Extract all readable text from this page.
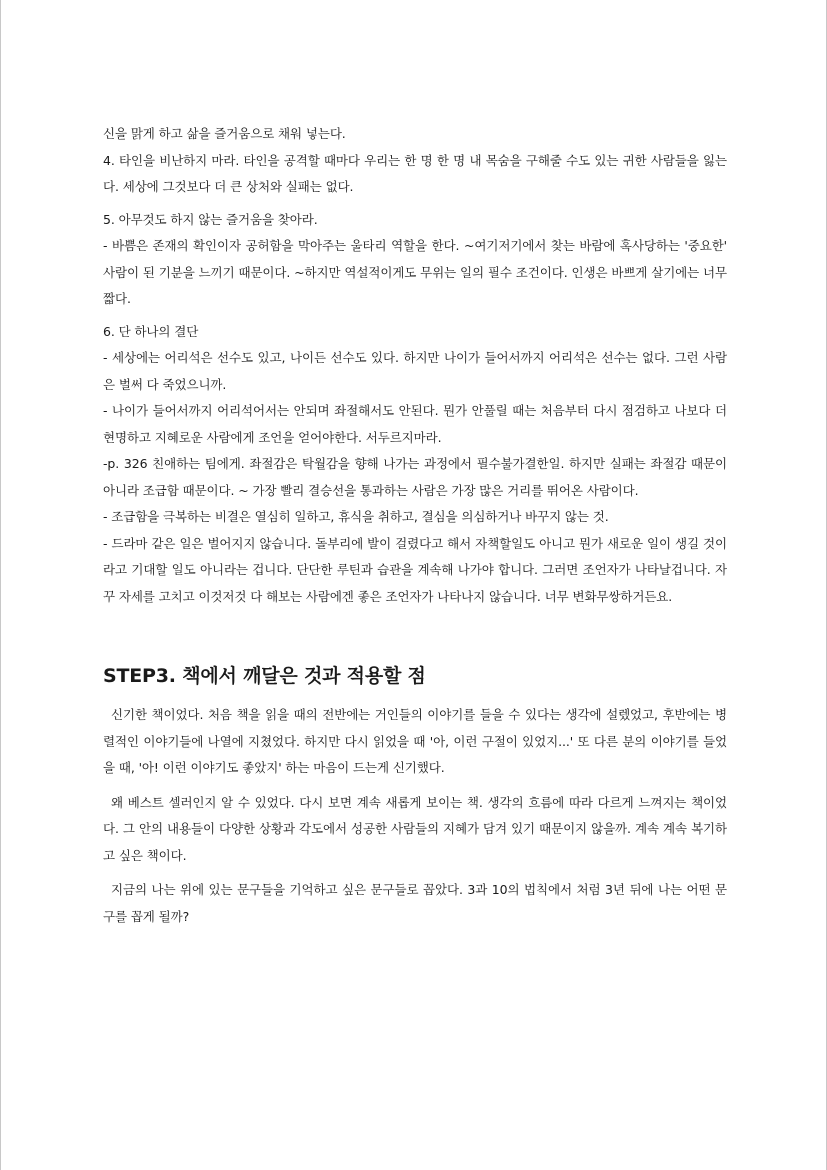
신을 맑게 하고 삶을 즐거움으로 채워 넣는다.

4. 타인을 비난하지 마라. 타인을 공격할 때마다 우리는 한 명 한 명 내 목숨을 구해줄 수도 있는 귀한 사람들을 잃는다. 세상에 그것보다 더 큰 상처와 실패는 없다.

5. 아무것도 하지 않는 즐거움을 찾아라.

- 바쁨은 존재의 확인이자 공허함을 막아주는 울타리 역할을 한다. ~여기저기에서 찾는 바람에 혹사당하는 '중요한' 사람이 된 기분을 느끼기 때문이다. ~하지만 역설적이게도 무위는 일의 필수 조건이다. 인생은 바쁘게 살기에는 너무 짧다.

6. 단 하나의 결단

- 세상에는 어리석은 선수도 있고, 나이든 선수도 있다. 하지만 나이가 들어서까지 어리석은 선수는 없다. 그런 사람은 벌써 다 죽었으니까.

- 나이가 들어서까지 어리석어서는 안되며 좌절해서도 안된다. 뭔가 안풀릴 때는 처음부터 다시 점검하고 나보다 더 현명하고 지혜로운 사람에게 조언을 얻어야한다. 서두르지마라.

-p. 326 친애하는 팀에게. 좌절감은 탁월감을 향해 나가는 과정에서 필수불가결한일. 하지만 실패는 좌절감 때문이 아니라 조급함 때문이다. ~ 가장 빨리 결승선을 통과하는 사람은 가장 많은 거리를 뛰어온 사람이다.

- 조급함을 극복하는 비결은 열심히 일하고, 휴식을 취하고, 결심을 의심하거나 바꾸지 않는 것.

- 드라마 같은 일은 벌어지지 않습니다. 돌부리에 발이 걸렸다고 해서 자책할일도 아니고 뭔가 새로운 일이 생길 것이라고 기대할 일도 아니라는 겁니다. 단단한 루틴과 습관을 계속해 나가야 합니다. 그러면 조언자가 나타날겁니다. 자꾸 자세를 고치고 이것저것 다 해보는 사람에겐 좋은 조언자가 나타나지 않습니다. 너무 변화무쌍하거든요.

STEP3. 책에서 깨달은 것과 적용할 점

신기한 책이었다. 처음 책을 읽을 때의 전반에는 거인들의 이야기를 들을 수 있다는 생각에 설렜었고, 후반에는 병렬적인 이야기들에 나열에 지쳤었다. 하지만 다시 읽었을 때 '아, 이런 구절이 있었지...' 또 다른 분의 이야기를 들었을 때, '아! 이런 이야기도 좋았지' 하는 마음이 드는게 신기했다.

왜 베스트 셀러인지 알 수 있었다. 다시 보면 계속 새롭게 보이는 책. 생각의 흐름에 따라 다르게 느껴지는 책이었다. 그 안의 내용들이 다양한 상황과 각도에서 성공한 사람들의 지혜가 담겨 있기 때문이지 않을까. 계속 계속 복기하고 싶은 책이다.

지금의 나는 위에 있는 문구들을 기억하고 싶은 문구들로 꼽았다. 3과 10의 법칙에서 처럼 3년 뒤에 나는 어떤 문구를 꼽게 될까?
